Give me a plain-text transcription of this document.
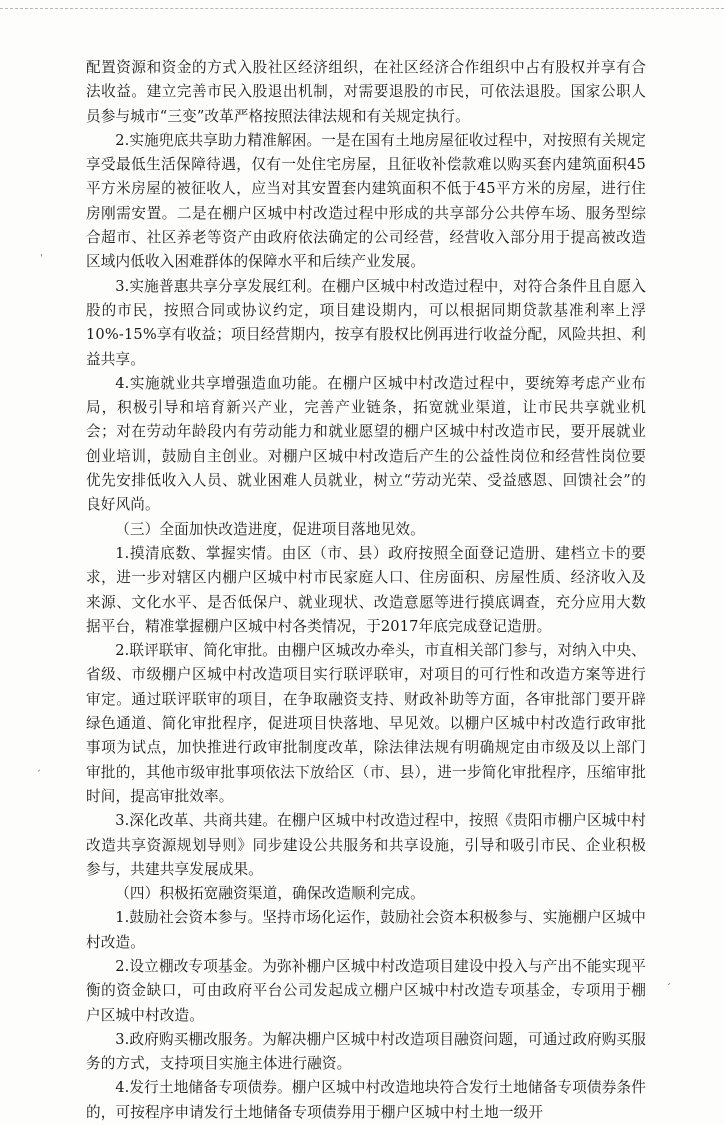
配置资源和资金的方式入股社区经济组织，在社区经济合作组织中占有股权并享有合法收益。建立完善市民入股退出机制，对需要退股的市民，可依法退股。国家公职人员参与城市“三变”改革严格按照法律法规和有关规定执行。

2.实施兜底共享助力精准解困。一是在国有土地房屋征收过程中，对按照有关规定享受最低生活保障待遇，仅有一处住宅房屋，且征收补偿款难以购买套内建筑面积45平方米房屋的被征收人，应当对其安置套内建筑面积不低于45平方米的房屋，进行住房刚需安置。二是在棚户区城中村改造过程中形成的共享部分公共停车场、服务型综合超市、社区养老等资产由政府依法确定的公司经营，经营收入部分用于提高被改造区域内低收入困难群体的保障水平和后续产业发展。

3.实施普惠共享分享发展红利。在棚户区城中村改造过程中，对符合条件且自愿入股的市民，按照合同或协议约定，项目建设期内，可以根据同期贷款基准利率上浮10%-15%享有收益；项目经营期内，按享有股权比例再进行收益分配，风险共担、利益共享。

4.实施就业共享增强造血功能。在棚户区城中村改造过程中，要统筹考虑产业布局，积极引导和培育新兴产业，完善产业链条，拓宽就业渠道，让市民共享就业机会；对在劳动年龄段内有劳动能力和就业愿望的棚户区城中村改造市民，要开展就业创业培训，鼓励自主创业。对棚户区城中村改造后产生的公益性岗位和经营性岗位要优先安排低收入人员、就业困难人员就业，树立“劳动光荣、受益感恩、回馈社会”的良好风尚。

（三）全面加快改造进度，促进项目落地见效。

1.摸清底数、掌握实情。由区（市、县）政府按照全面登记造册、建档立卡的要求，进一步对辖区内棚户区城中村市民家庭人口、住房面积、房屋性质、经济收入及来源、文化水平、是否低保户、就业现状、改造意愿等进行摸底调查，充分应用大数据平台，精准掌握棚户区城中村各类情况，于2017年底完成登记造册。

2.联评联审、简化审批。由棚户区城改办牵头，市直相关部门参与，对纳入中央、省级、市级棚户区城中村改造项目实行联评联审，对项目的可行性和改造方案等进行审定。通过联评联审的项目，在争取融资支持、财政补助等方面，各审批部门要开辟绿色通道、简化审批程序，促进项目快落地、早见效。以棚户区城中村改造行政审批事项为试点，加快推进行政审批制度改革，除法律法规有明确规定由市级及以上部门审批的，其他市级审批事项依法下放给区（市、县），进一步简化审批程序，压缩审批时间，提高审批效率。

3.深化改革、共商共建。在棚户区城中村改造过程中，按照《贵阳市棚户区城中村改造共享资源规划导则》同步建设公共服务和共享设施，引导和吸引市民、企业积极参与，共建共享发展成果。

（四）积极拓宽融资渠道，确保改造顺利完成。

1.鼓励社会资本参与。坚持市场化运作，鼓励社会资本积极参与、实施棚户区城中村改造。

2.设立棚改专项基金。为弥补棚户区城中村改造项目建设中投入与产出不能实现平衡的资金缺口，可由政府平台公司发起成立棚户区城中村改造专项基金，专项用于棚户区城中村改造。

3.政府购买棚改服务。为解决棚户区城中村改造项目融资问题，可通过政府购买服务的方式，支持项目实施主体进行融资。

4.发行土地储备专项债券。棚户区城中村改造地块符合发行土地储备专项债券条件的，可按程序申请发行土地储备专项债券用于棚户区城中村土地一级开

ˌ
ˏ
ˊ
